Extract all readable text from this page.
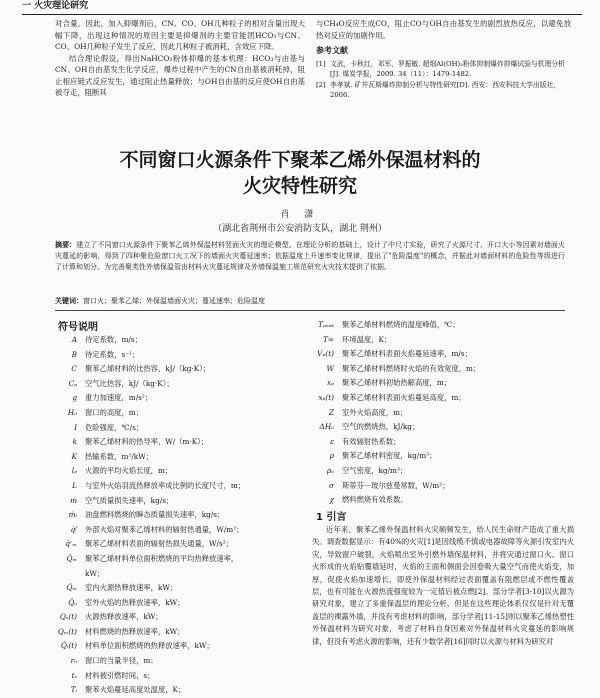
一 火灾理论研究

对合量。因此，加入抑爆剂后，CN、CO、OH几种粒子的相对含量出现大幅下降，出现这种情况的原因主要是抑爆剂的主要官能团HCO₃与CN、CO、OH几种粒子发生了反应，因此几种粒子被消耗，含效应下降。

结合理论假设，得出NaHCO₃粉体抑爆的基本机理：HCO₃与由基与CN、OH自由基发生化学反应，爆炸过程中产生的CN自由基被消耗掉，阻止相应链式反应发生，通过阻止热量释放；与OH自由基的反应使OH自由基被夺走，阻断其

与CH₄O反应生成CO，阻止CO与OH自由基发生的剧烈放热反应，以避免放热对反应的加剧作用。

参考文献
[1] 文武，卡秋红，邓军，罗振敏. 超细Al(OH)₃粉体抑制爆炸抑爆试验与机理分析[J]. 煤炭学报，2009. 34（11）：1479-1482.
[2] 李孝斌. 矿井瓦斯爆炸抑制分析与特性研究[D]. 西安：西安科技大学出版社，2006.
不同窗口火源条件下聚苯乙烯外保温材料的
火灾特性研究
肖 潇
（湖北省荆州市公安消防支队，湖北 荆州）
摘要：建立了不同窗口火源条件下聚苯乙烯外保温材料竖面火灾的理论模型。在理论分析的基础上，设计了中尺寸实验，研究了火源尺寸、开口大小等因素对墙面火灾蔓延的影响，得到了四种聚危险窗口火工况下的墙面火灾蔓延速率；依据温度上升速率变化规律，提出了"危险温度"的概念，并据此对墙面材料的危险性等级进行了计算和划分。为完善聚类性外墙保温管由材料火灾蔓延规律及外墙保温施工规范研究火灾技术提供了依据。
关键词：窗口火；聚苯乙烯；外保温墙面火灾；蔓延速率；危险温度
符号说明
A	待定系数，m/s；
B	待定系数，s⁻¹；
C	聚苯乙烯材料的比热容，kJ/（kg·K）；
Cₚ	空气比热容，kJ/（kg·K）；
g	重力加速度，m/s²；
H₀	窗口的高度，m；
I	危险强度，℃/s；
k	聚苯乙烯材料的热导率，W/（m·K）；
K	热输系数，m²/kW；
lₚ	火源的平均火焰长度，m；
L	与室外火焰羽流热释放率成比例的长度尺寸，m；
ṁ	空气质量损失速率，kg/s；
ṁᵢ	油盘燃料燃烧的瞬态质量损失速率，kg/s；
q̇ᶠ	外部火焰对聚苯乙烯材料的辐射热通量，W/m²；
q̇ʳₘ	聚苯乙烯材料表面的辐射热损失通量，W/s²；
Q̇ₘ	聚苯乙烯材料单位面积燃烧的平均热释放速率，
kW；
Q̇ₘ	室内火源热释放速率，kW；
Q̇ₒ	室外火焰的热释放速率，kW；
Qₛ(t)	火源热释放速率，kW；
Qₘ(t)	材料燃烧的热释放速率，kW；
Q̇ᵢ(t)	材料单位面积燃烧的热释放速率，kW；
r₀	窗口的当量半径，m；
tₛ	材料被引燃时间，s；
Tᵢ	聚苯火焰蔓延高度处温度，K；
Tₚₑₐₖ	聚苯乙烯材料燃烧的温度峰值，℃；
T∞	环境温度，K；
Vₚ(t)	聚苯乙烯材料表面火焰蔓延速率，m/s；
W	聚苯乙烯材料燃烧时火焰的有效宽度，m；
xₚ	聚苯乙烯材料初始热解高度，m；
xₚ(t)	聚苯乙烯材料表面火焰蔓延高度，m；
Z	室外火焰高度，m；
ΔHₒ	空气的燃烧热，kJ/kg；
ε	有效辐射热系数；
ρ	聚苯乙烯材料密度，kg/m³；
ρₒ	空气密度，kg/m³；
σ	斯蒂芬－玻尔兹曼常数，W/m²；
χ	燃料燃烧有效系数。
1 引言

近年来，聚苯乙烯外保温材料火灾频频发生，给人民生命财产造成了重大损失。调查数据显示：有40%的火灾[1]是因线缆不慎或电器故障等火源引发室内火灾，导致窗户破裂，火焰喷出室外引燃外墙保温材料，并将灾通过窗口火。窗口火形成的火焰贴覆墙延时，火焰的王面和侧面会因卷吸大量空气而使火焰变，加厚，促使火焰加速增长，即使外保温材料经过表面覆盖有阻燃层或不燃性覆盖层，也有可能在火源热流强度较为一定值后被点燃[2]。部分学者[3-10]以火源为研究对象，建立了多重保温层的理论分析，但是在这些理论体系仅仅是针对无覆盖层的裸露外墙，并没有考虑材料的影响，部分学者[11-15]则以聚苯乙烯热塑性外保温材料为研究对象，考虑了材料自身因素对外保温材料火灾蔓延的影响规律，但没有考虑火源的影响，还有少数学者[16]同时以火源与材料为研究对
